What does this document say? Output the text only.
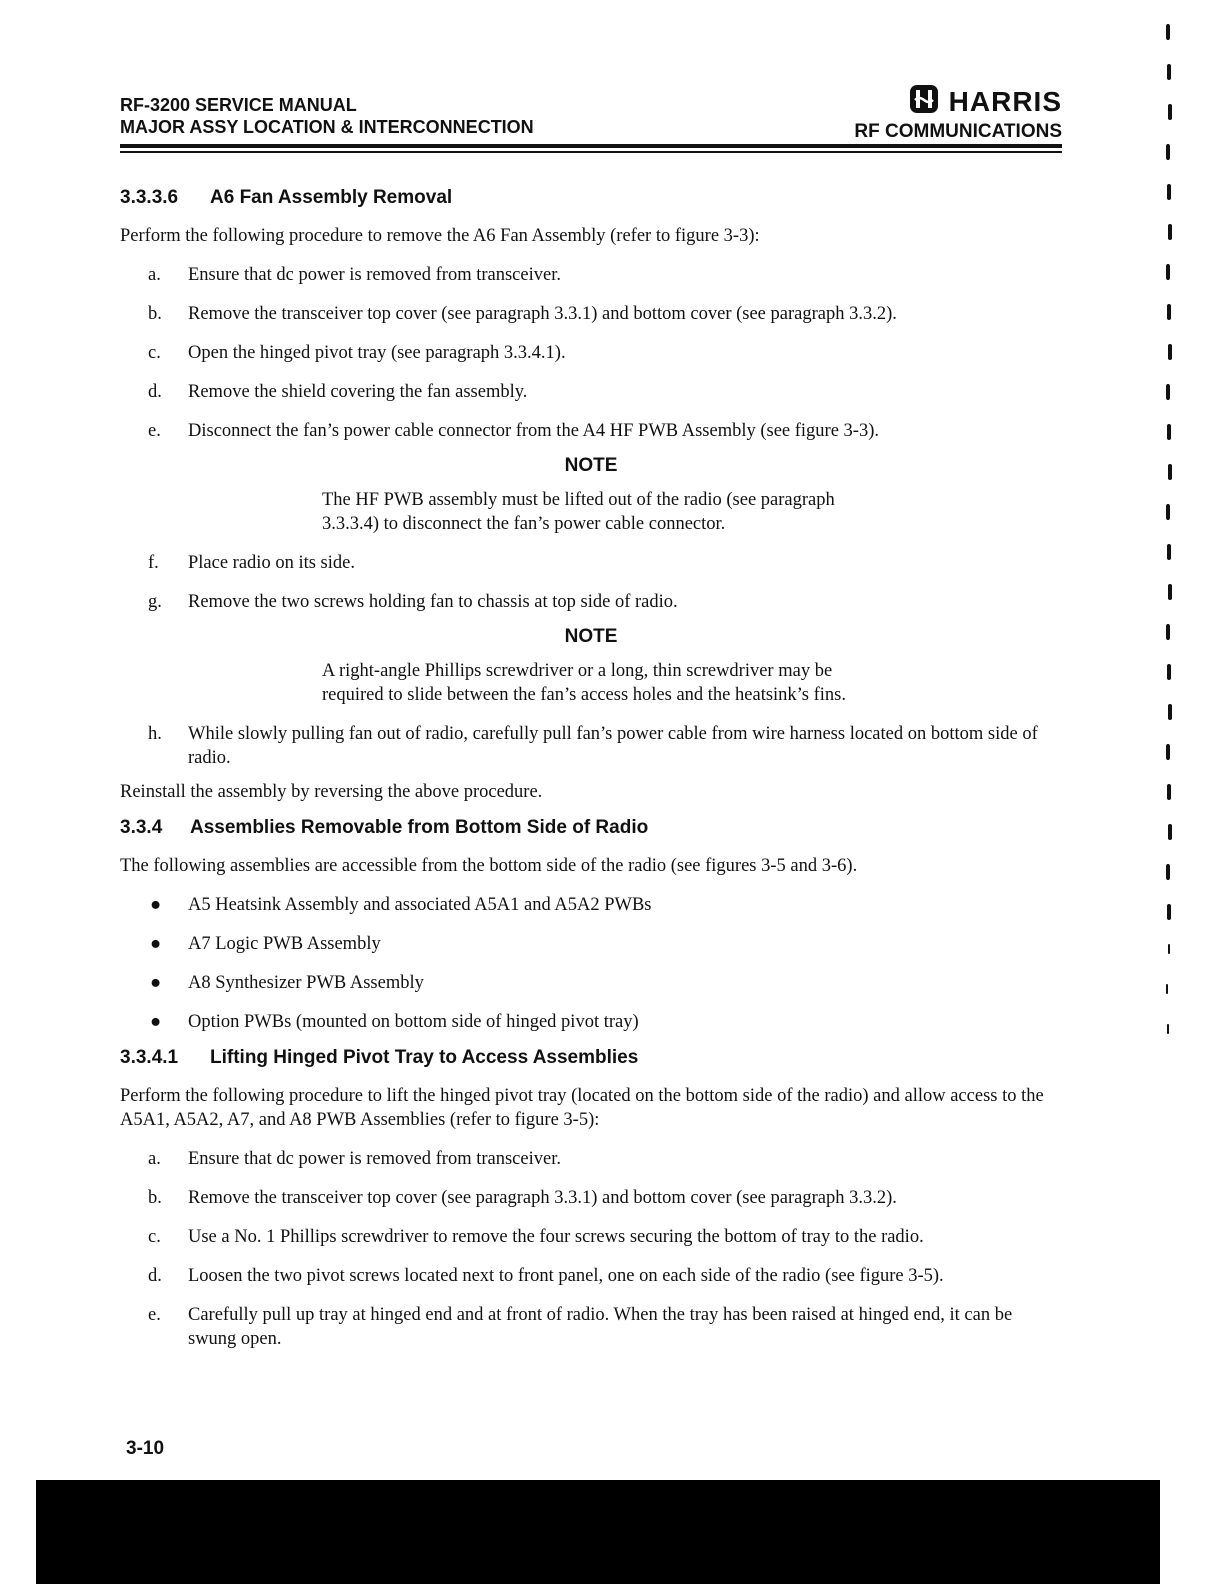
RF-3200 SERVICE MANUAL
MAJOR ASSY LOCATION & INTERCONNECTION
HARRIS
RF COMMUNICATIONS
3.3.3.6 A6 Fan Assembly Removal

Perform the following procedure to remove the A6 Fan Assembly (refer to figure 3-3):

a.	Ensure that dc power is removed from transceiver.
b.	Remove the transceiver top cover (see paragraph 3.3.1) and bottom cover (see paragraph 3.3.2).
c.	Open the hinged pivot tray (see paragraph 3.3.4.1).
d.	Remove the shield covering the fan assembly.
e.	Disconnect the fan’s power cable connector from the A4 HF PWB Assembly (see figure 3-3).
NOTE
The HF PWB assembly must be lifted out of the radio (see paragraph 3.3.3.4) to disconnect the fan’s power cable connector.
f.	Place radio on its side.
g.	Remove the two screws holding fan to chassis at top side of radio.
NOTE
A right-angle Phillips screwdriver or a long, thin screwdriver may be required to slide between the fan’s access holes and the heatsink’s fins.
h.	While slowly pulling fan out of radio, carefully pull fan’s power cable from wire harness located on bottom side of radio.

Reinstall the assembly by reversing the above procedure.

3.3.4 Assemblies Removable from Bottom Side of Radio

The following assemblies are accessible from the bottom side of the radio (see figures 3-5 and 3-6).

●	A5 Heatsink Assembly and associated A5A1 and A5A2 PWBs
●	A7 Logic PWB Assembly
●	A8 Synthesizer PWB Assembly
●	Option PWBs (mounted on bottom side of hinged pivot tray)
3.3.4.1 Lifting Hinged Pivot Tray to Access Assemblies

Perform the following procedure to lift the hinged pivot tray (located on the bottom side of the radio) and allow access to the A5A1, A5A2, A7, and A8 PWB Assemblies (refer to figure 3-5):

a.	Ensure that dc power is removed from transceiver.
b.	Remove the transceiver top cover (see paragraph 3.3.1) and bottom cover (see paragraph 3.3.2).
c.	Use a No. 1 Phillips screwdriver to remove the four screws securing the bottom of tray to the radio.
d.	Loosen the two pivot screws located next to front panel, one on each side of the radio (see figure 3-5).
e.	Carefully pull up tray at hinged end and at front of radio. When the tray has been raised at hinged end, it can be swung open.
3-10
